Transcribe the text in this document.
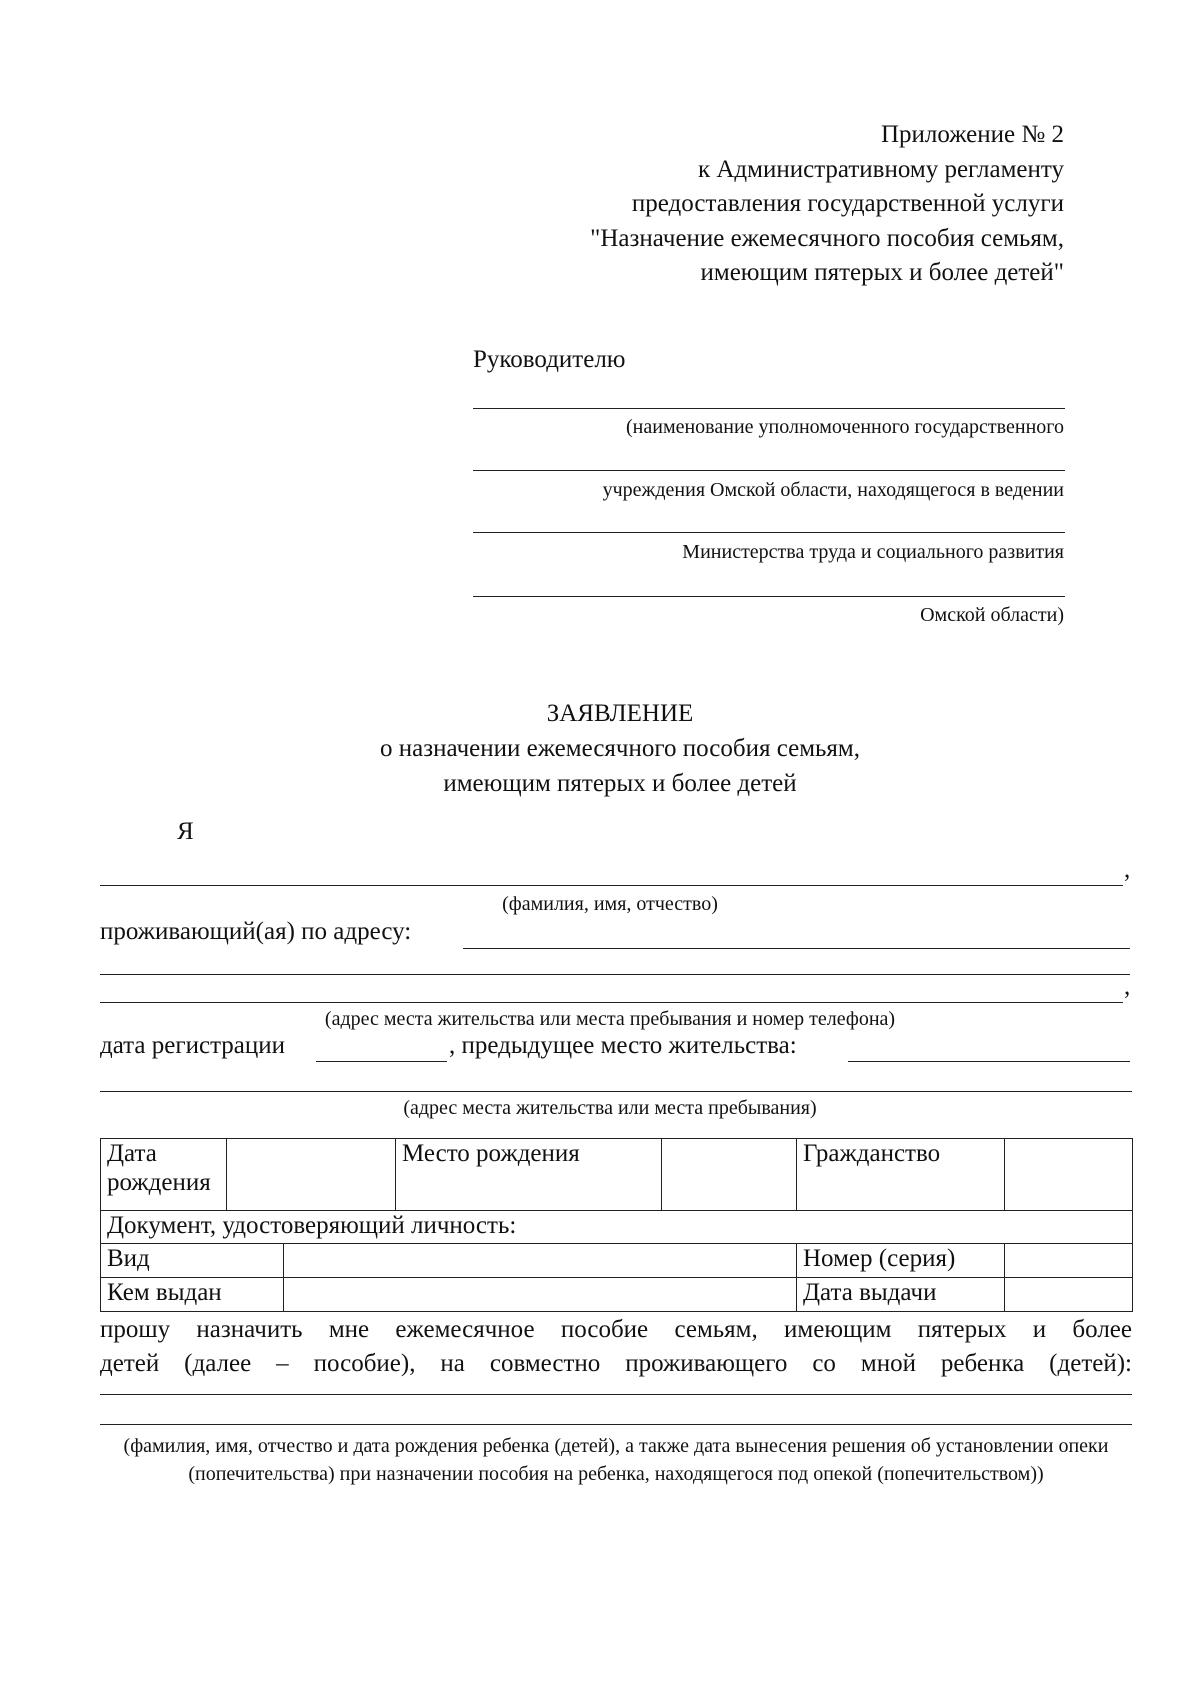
Приложение № 2
к Административному регламенту
предоставления государственной услуги
"Назначение ежемесячного пособия семьям,
имеющим пятерых и более детей"
Руководителю
(наименование уполномоченного государственного
учреждения Омской области, находящегося в ведении
Министерства труда и социального развития
Омской области)
ЗАЯВЛЕНИЕ
о назначении ежемесячного пособия семьям,
имеющим пятерых и более детей
Я
,
(фамилия, имя, отчество)
проживающий(ая) по адресу:
,
(адрес места жительства или места пребывания и номер телефона)
дата регистрации	, предыдущее место жительства:
(адрес места жительства или места пребывания)
Дата рождения			Место рождения		Гражданство	
Документ, удостоверяющий личность:						
Вид					Номер (серия)	
Кем выдан					Дата выдачи	

прошу назначить мне ежемесячное пособие семьям, имеющим пятерых и более

детей (далее – пособие), на совместно проживающего со мной ребенка (детей):

(фамилия, имя, отчество и дата рождения ребенка (детей), а также дата вынесения решения об установлении опеки (попечительства) при назначении пособия на ребенка, находящегося под опекой (попечительством))
